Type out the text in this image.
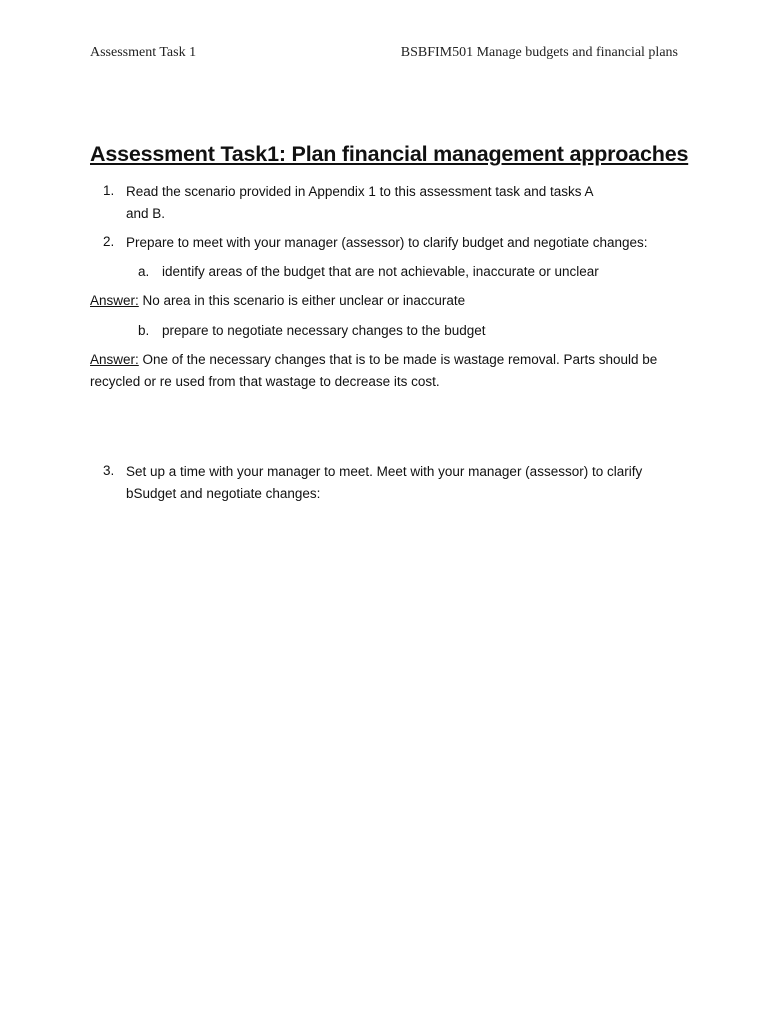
Assessment Task 1	BSBFIM501 Manage budgets and financial plans
Assessment Task1: Plan financial management approaches
1. Read the scenario provided in Appendix 1 to this assessment task and tasks A
and B.
2. Prepare to meet with your manager (assessor) to clarify budget and negotiate changes:
a. identify areas of the budget that are not achievable, inaccurate or unclear

Answer: No area in this scenario is either unclear or inaccurate

b. prepare to negotiate necessary changes to the budget

Answer: One of the necessary changes that is to be made is wastage removal. Parts should be

recycled or re used from that wastage to decrease its cost.
3. Set up a time with your manager to meet. Meet with your manager (assessor) to clarify
bSudget and negotiate changes:
